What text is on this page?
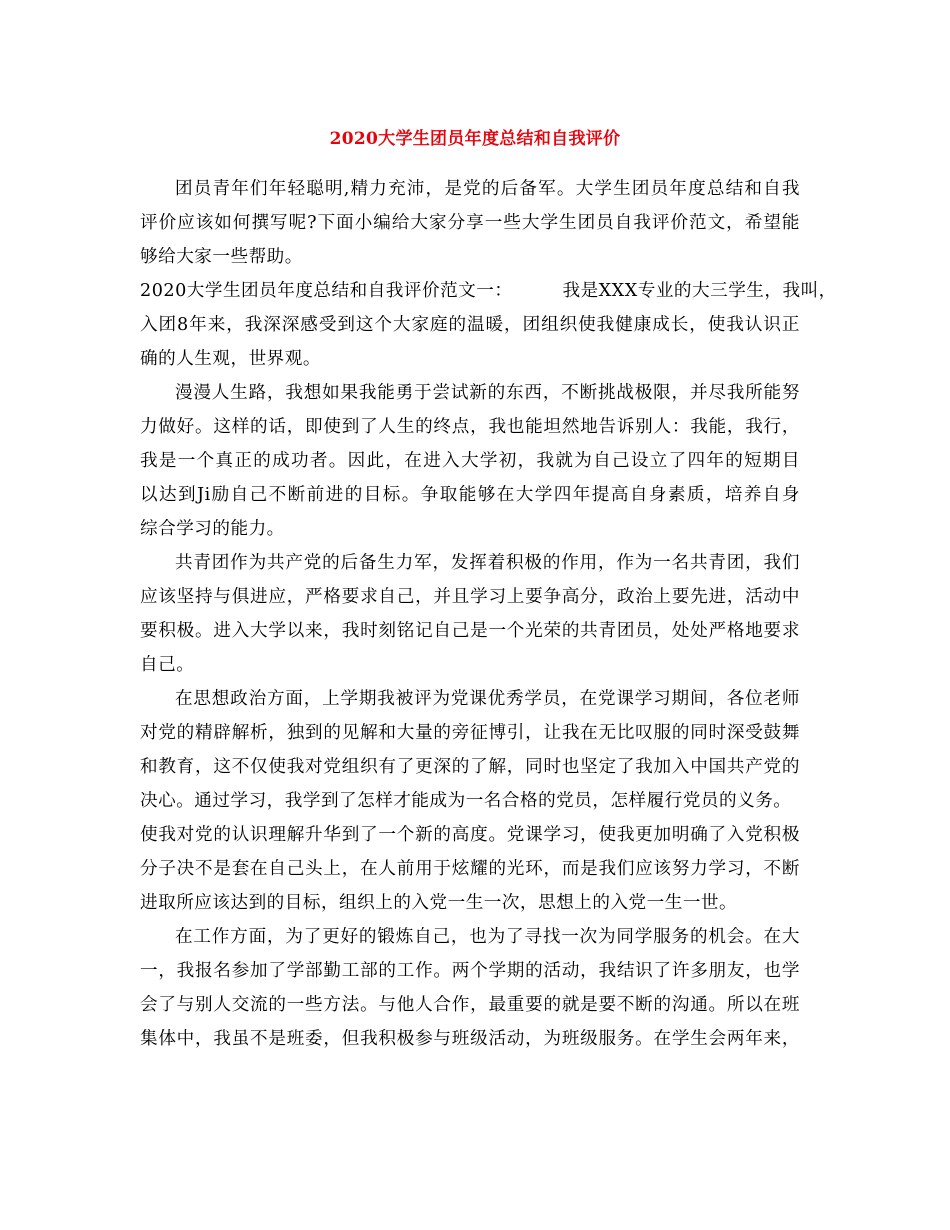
2020大学生团员年度总结和自我评价
团员青年们年轻聪明,精力充沛，是党的后备军。大学生团员年度总结和自我
评价应该如何撰写呢?下面小编给大家分享一些大学生团员自我评价范文，希望能
够给大家一些帮助。
2020大学生团员年度总结和自我评价范文一：	我是XXX专业的大三学生，我叫，
入团8年来，我深深感受到这个大家庭的温暖，团组织使我健康成长，使我认识正
确的人生观，世界观。
漫漫人生路，我想如果我能勇于尝试新的东西，不断挑战极限，并尽我所能努
力做好。这样的话，即使到了人生的终点，我也能坦然地告诉别人：我能，我行，
我是一个真正的成功者。因此，在进入大学初，我就为自己设立了四年的短期目
以达到Ji励自己不断前进的目标。争取能够在大学四年提高自身素质，培养自身
综合学习的能力。
共青团作为共产党的后备生力军，发挥着积极的作用，作为一名共青团，我们
应该坚持与俱进应，严格要求自己，并且学习上要争高分，政治上要先进，活动中
要积极。进入大学以来，我时刻铭记自己是一个光荣的共青团员，处处严格地要求
自己。
在思想政治方面，上学期我被评为党课优秀学员，在党课学习期间，各位老师
对党的精辟解析，独到的见解和大量的旁征博引，让我在无比叹服的同时深受鼓舞
和教育，这不仅使我对党组织有了更深的了解，同时也坚定了我加入中国共产党的
决心。通过学习，我学到了怎样才能成为一名合格的党员，怎样履行党员的义务。
使我对党的认识理解升华到了一个新的高度。党课学习，使我更加明确了入党积极
分子决不是套在自己头上，在人前用于炫耀的光环，而是我们应该努力学习，不断
进取所应该达到的目标，组织上的入党一生一次，思想上的入党一生一世。
在工作方面，为了更好的锻炼自己，也为了寻找一次为同学服务的机会。在大
一，我报名参加了学部勤工部的工作。两个学期的活动，我结识了许多朋友，也学
会了与别人交流的一些方法。与他人合作，最重要的就是要不断的沟通。所以在班
集体中，我虽不是班委，但我积极参与班级活动，为班级服务。在学生会两年来，
